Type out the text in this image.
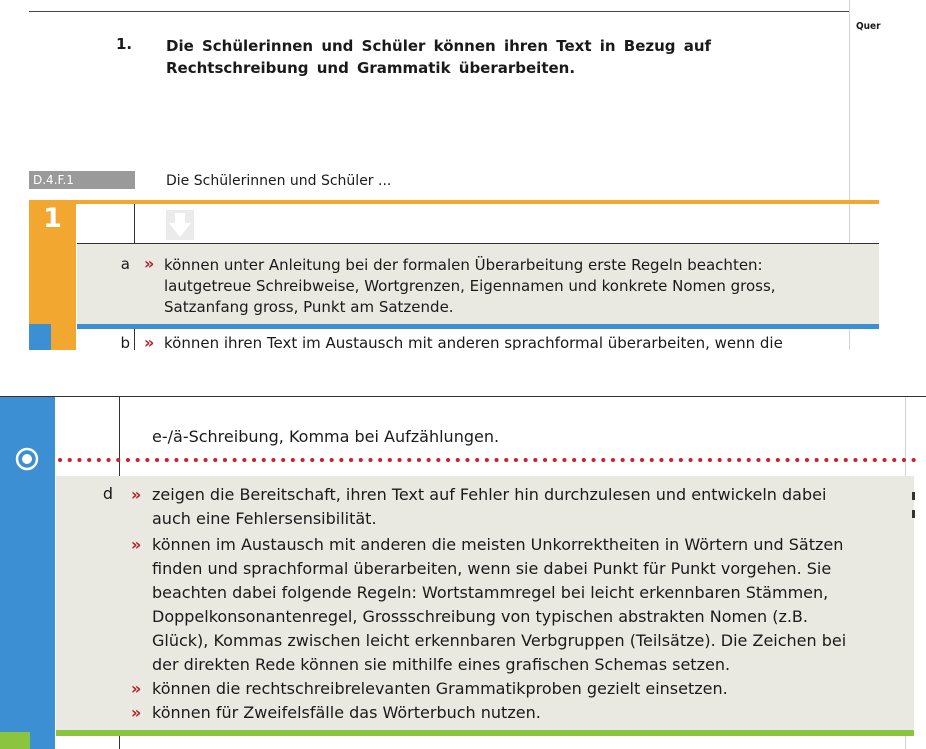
Quer
1. Die Schülerinnen und Schüler können ihren Text in Bezug auf Rechtschreibung und Grammatik überarbeiten.
D.4.F.1	Die Schülerinnen und Schüler ...
1
a » können unter Anleitung bei der formalen Überarbeitung erste Regeln beachten:
lautgetreue Schreibweise, Wortgrenzen, Eigennamen und konkrete Nomen gross,
Satzanfang gross, Punkt am Satzende.
b » können ihren Text im Austausch mit anderen sprachformal überarbeiten, wenn die
e-/ä-Schreibung, Komma bei Aufzählungen.
d » zeigen die Bereitschaft, ihren Text auf Fehler hin durchzulesen und entwickeln dabei
auch eine Fehlersensibilität.
» können im Austausch mit anderen die meisten Unkorrektheiten in Wörtern und Sätzen
finden und sprachformal überarbeiten, wenn sie dabei Punkt für Punkt vorgehen. Sie
beachten dabei folgende Regeln: Wortstammregel bei leicht erkennbaren Stämmen,
Doppelkonsonantenregel, Grossschreibung von typischen abstrakten Nomen (z.B.
Glück), Kommas zwischen leicht erkennbaren Verbgruppen (Teilsätze). Die Zeichen bei
der direkten Rede können sie mithilfe eines grafischen Schemas setzen.
» können die rechtschreibrelevanten Grammatikproben gezielt einsetzen.
» können für Zweifelsfälle das Wörterbuch nutzen.
